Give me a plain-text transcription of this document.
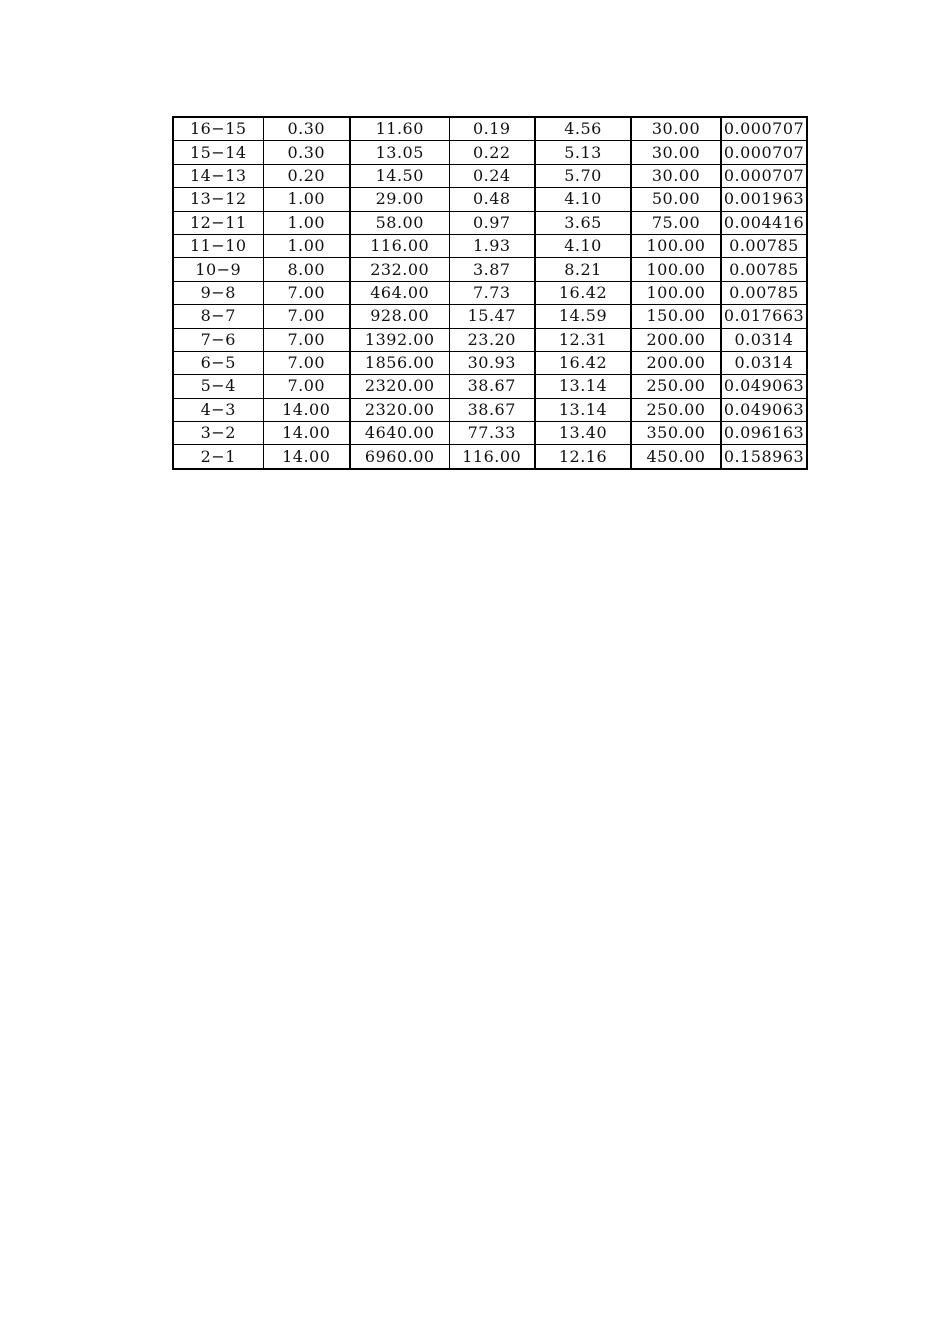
16−15	0.30	11.60	0.19	4.56	30.00	0.000707
15−14	0.30	13.05	0.22	5.13	30.00	0.000707
14−13	0.20	14.50	0.24	5.70	30.00	0.000707
13−12	1.00	29.00	0.48	4.10	50.00	0.001963
12−11	1.00	58.00	0.97	3.65	75.00	0.004416
11−10	1.00	116.00	1.93	4.10	100.00	0.00785
10−9	8.00	232.00	3.87	8.21	100.00	0.00785
9−8	7.00	464.00	7.73	16.42	100.00	0.00785
8−7	7.00	928.00	15.47	14.59	150.00	0.017663
7−6	7.00	1392.00	23.20	12.31	200.00	0.0314
6−5	7.00	1856.00	30.93	16.42	200.00	0.0314
5−4	7.00	2320.00	38.67	13.14	250.00	0.049063
4−3	14.00	2320.00	38.67	13.14	250.00	0.049063
3−2	14.00	4640.00	77.33	13.40	350.00	0.096163
2−1	14.00	6960.00	116.00	12.16	450.00	0.158963
